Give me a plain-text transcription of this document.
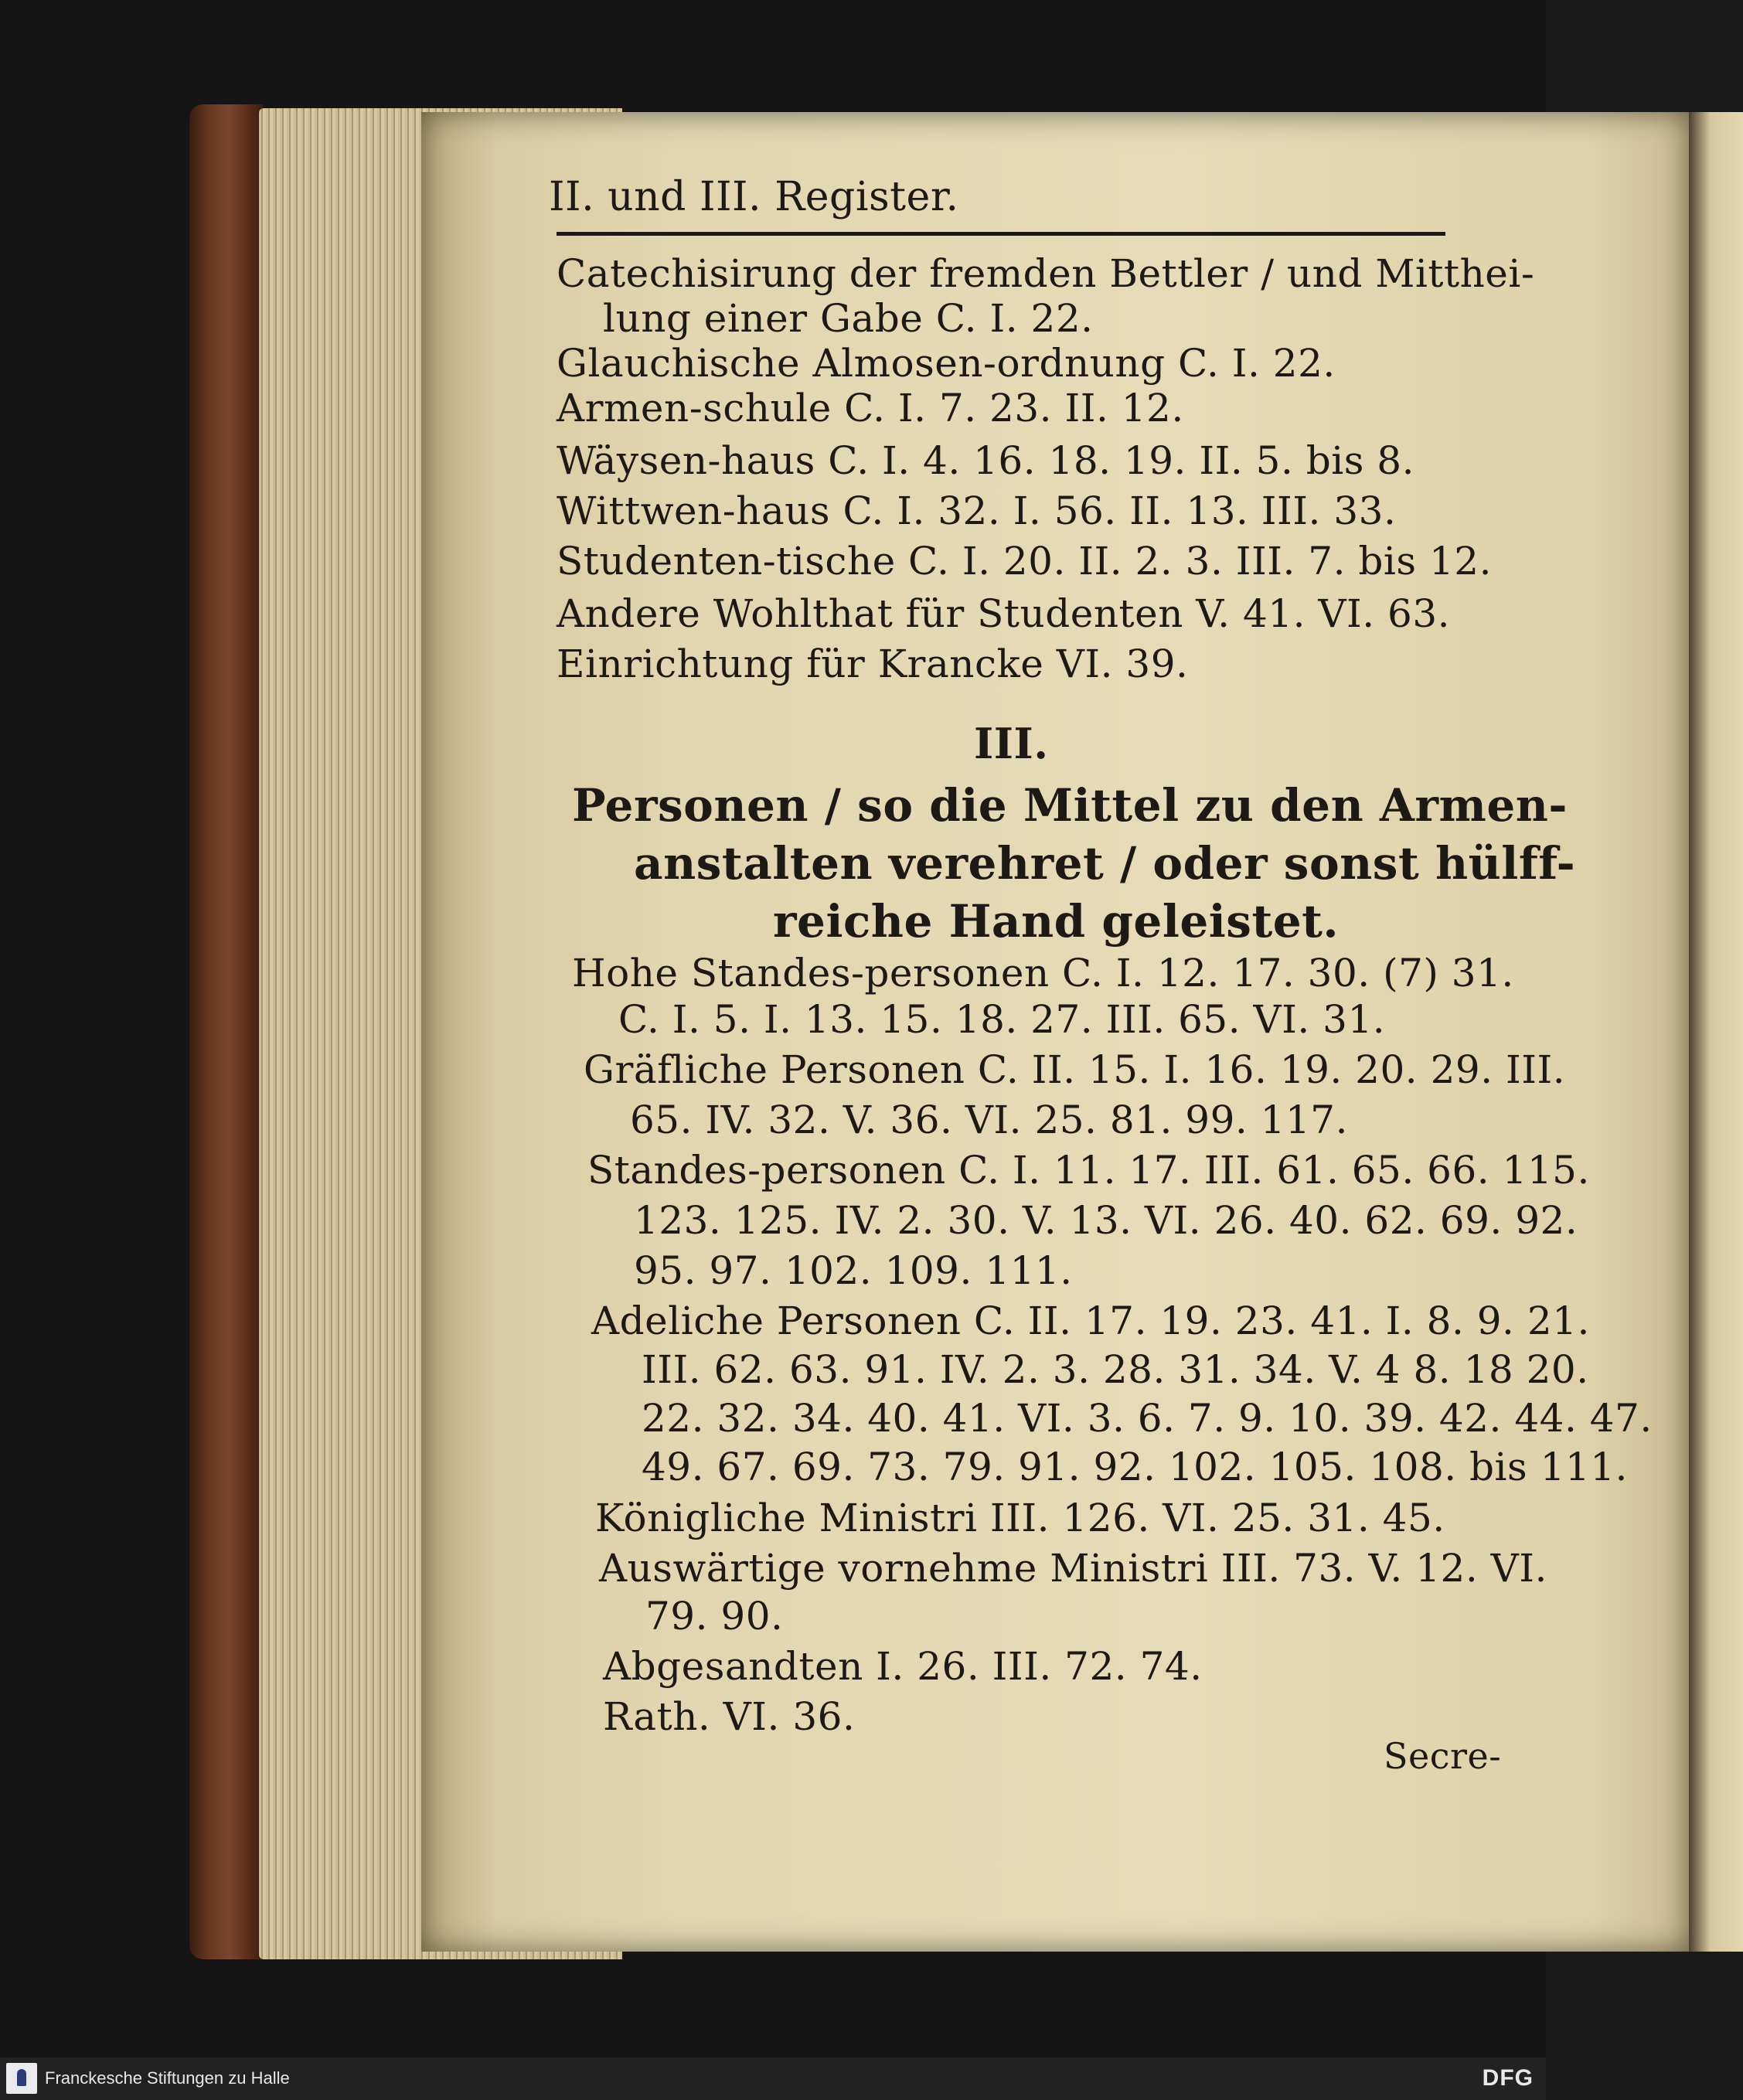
II. und III. Register.
Catechisirung der fremden Bettler / und Mitthei-
lung einer Gabe C. I. 22.
Glauchische Almosen-ordnung C. I. 22.
Armen-schule C. I. 7. 23. II. 12.
Wäysen-haus C. I. 4. 16. 18. 19. II. 5. bis 8.
Wittwen-haus C. I. 32. I. 56. II. 13. III. 33.
Studenten-tische C. I. 20. II. 2. 3. III. 7. bis 12.
Andere Wohlthat für Studenten V. 41. VI. 63.
Einrichtung für Krancke VI. 39.
III.
Personen / so die Mittel zu den Armen-
anstalten verehret / oder sonst hülff-
reiche Hand geleistet.
Hohe Standes-personen C. I. 12. 17. 30. (7) 31.
C. I. 5. I. 13. 15. 18. 27. III. 65. VI. 31.
Gräfliche Personen C. II. 15. I. 16. 19. 20. 29. III.
65. IV. 32. V. 36. VI. 25. 81. 99. 117.
Standes-personen C. I. 11. 17. III. 61. 65. 66. 115.
123. 125. IV. 2. 30. V. 13. VI. 26. 40. 62. 69. 92.
95. 97. 102. 109. 111.
Adeliche Personen C. II. 17. 19. 23. 41. I. 8. 9. 21.
III. 62. 63. 91. IV. 2. 3. 28. 31. 34. V. 4 8. 18 20.
22. 32. 34. 40. 41. VI. 3. 6. 7. 9. 10. 39. 42. 44. 47.
49. 67. 69. 73. 79. 91. 92. 102. 105. 108. bis 111.
Königliche Ministri III. 126. VI. 25. 31. 45.
Auswärtige vornehme Ministri III. 73. V. 12. VI.
79. 90.
Abgesandten I. 26. III. 72. 74.
Rath. VI. 36.
Secre-
Franckesche Stiftungen zu Halle	DFG
